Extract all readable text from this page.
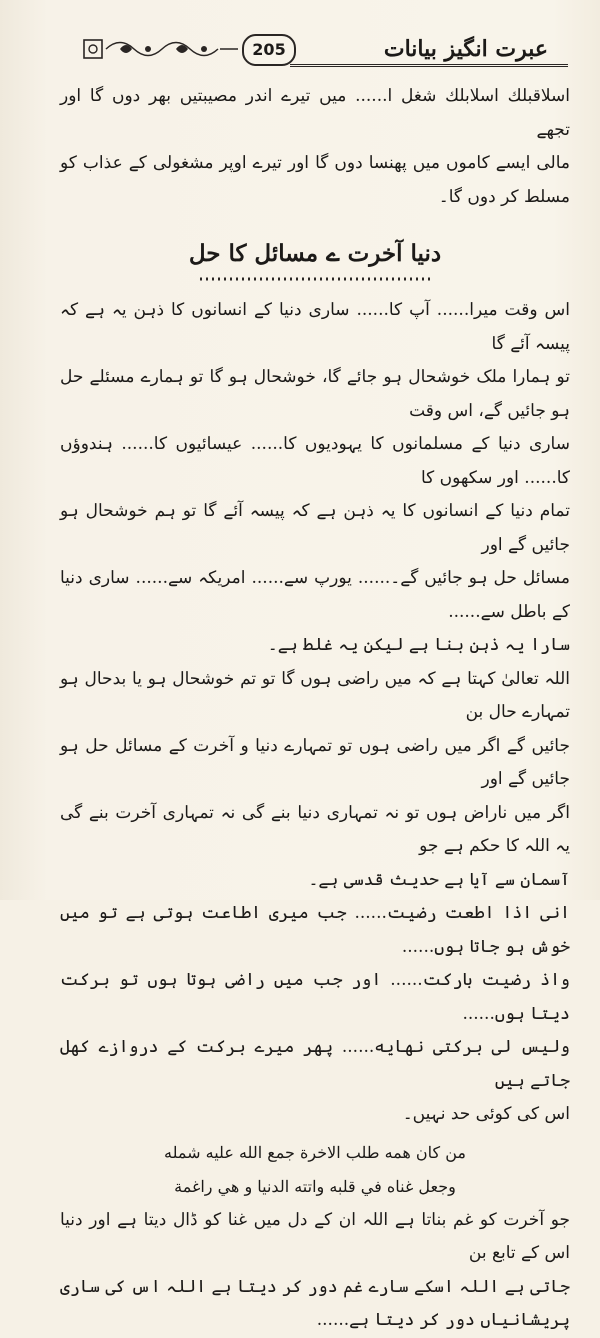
205	عبرت انگیز بیانات

اسلاقبلك اسلابلك شغل ا...... میں تیرے اندر مصیبتیں بھر دوں گا اور تجھے

مالی ایسے کاموں میں پھنسا دوں گا اور تیرے اوپر مشغولی کے عذاب کو مسلط کر دوں گا۔

دنیا آخرت ے مسائل کا حل

اس وقت میرا...... آپ کا...... ساری دنیا کے انسانوں کا ذہن یہ ہے کہ پیسہ آئے گا

تو ہمارا ملک خوشحال ہو جائے گا، خوشحال ہو گا تو ہمارے مسئلے حل ہو جائیں گے، اس وقت

ساری دنیا کے مسلمانوں کا یہودیوں کا...... عیسائیوں کا...... ہندوؤں کا...... اور سکھوں کا

تمام دنیا کے انسانوں کا یہ ذہن ہے کہ پیسہ آئے گا تو ہم خوشحال ہو جائیں گے اور

مسائل حل ہو جائیں گے۔...... یورپ سے...... امریکہ سے...... ساری دنیا کے باطل سے......

سارا یہ ذہن بنا ہے لیکن یہ غلط ہے۔

اللہ تعالیٰ کہتا ہے کہ میں راضی ہوں گا تو تم خوشحال ہو یا بدحال ہو تمہارے حال بن

جائیں گے اگر میں راضی ہوں تو تمہارے دنیا و آخرت کے مسائل حل ہو جائیں گے اور

اگر میں ناراض ہوں تو نہ تمہاری دنیا بنے گی نہ تمہاری آخرت بنے گی یہ اللہ کا حکم ہے جو

آسمان سے آیا ہے حدیث قدسی ہے۔

انی اذا اطعت رضیت...... جب میری اطاعت ہوتی ہے تو میں خوش ہو جاتا ہوں......

واذ رضیت بارکت...... اور جب میں راضی ہوتا ہوں تو برکت دیتا ہوں......

ولیس لی برکتی نهایه...... پھر میرے برکت کے دروازے کھل جاتے ہیں

اس کی کوئی حد نہیں۔

من كان همه طلب الاخرة جمع الله عليه شمله

وجعل غناه في قلبه واتته الدنيا و هي راغمة

جو آخرت کو غم بناتا ہے اللہ ان کے دل میں غنا کو ڈال دیتا ہے اور دنیا اس کے تابع بن

جاتی ہے اللہ اسکے سارے غم دور کر دیتا ہے اللہ اس کی ساری پریشانیاں دور کر دیتا ہے......
